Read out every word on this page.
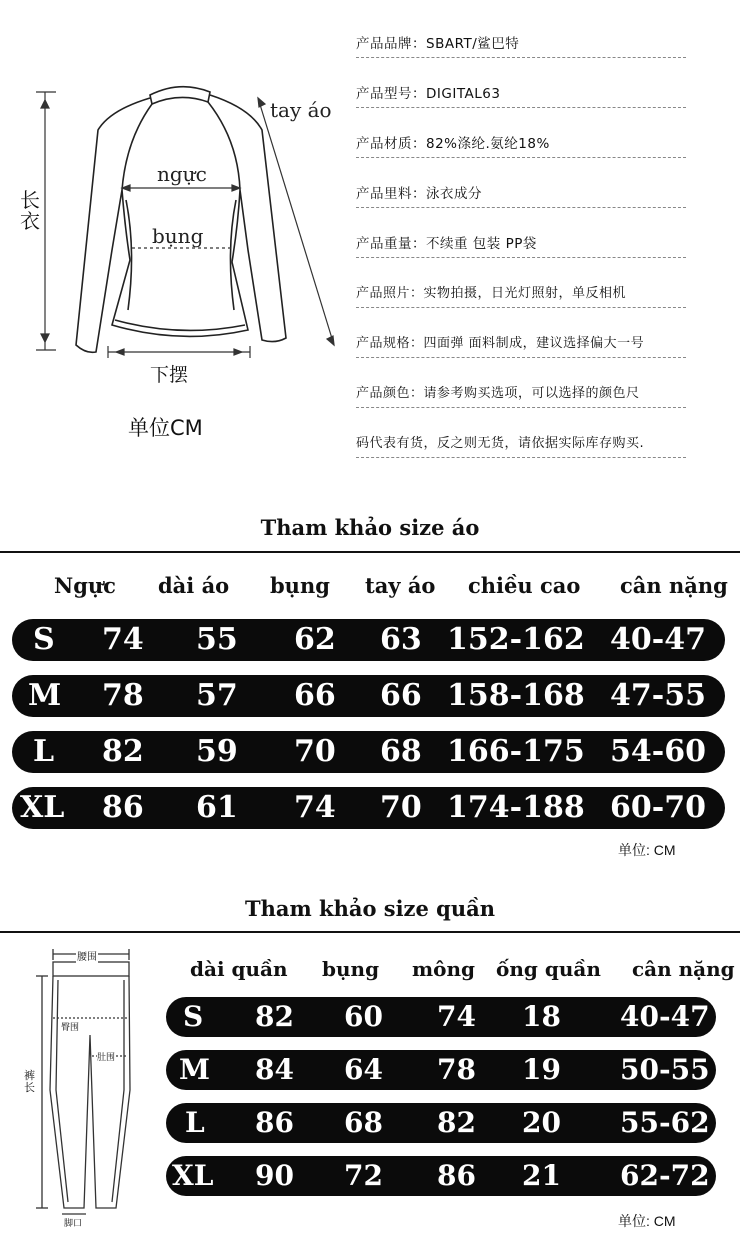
长衣
tay áo
ngực
bụng
下摆
单位CM
产品品牌：SBART/鲨巴特
产品型号：DIGITAL63
产品材质：82%涤纶.氨纶18%
产品里料：泳衣成分
产品重量：不续重 包装 PP袋
产品照片：实物拍摄，日光灯照射，单反相机
产品规格：四面弹 面料制成，建议选择偏大一号
产品颜色：请参考购买选项，可以选择的颜色尺
码代表有货，反之则无货，请依据实际库存购买.
Tham khảo size áo
Ngực dài áo bụng tay áo chiều cao cân nặng
S 74 55 62 63 152-162 40-47
M 78 57 66 66 158-168 47-55
L 82 59 70 68 166-175 54-60
XL 86 61 74 70 174-188 60-70
单位: CM
Tham khảo size quần
腰围
臀围
肚围
裤长
脚口
dài quần bụng mông ống quần cân nặng
S 82 60 74 18 40-47
M 84 64 78 19 50-55
L 86 68 82 20 55-62
XL 90 72 86 21 62-72
单位: CM
